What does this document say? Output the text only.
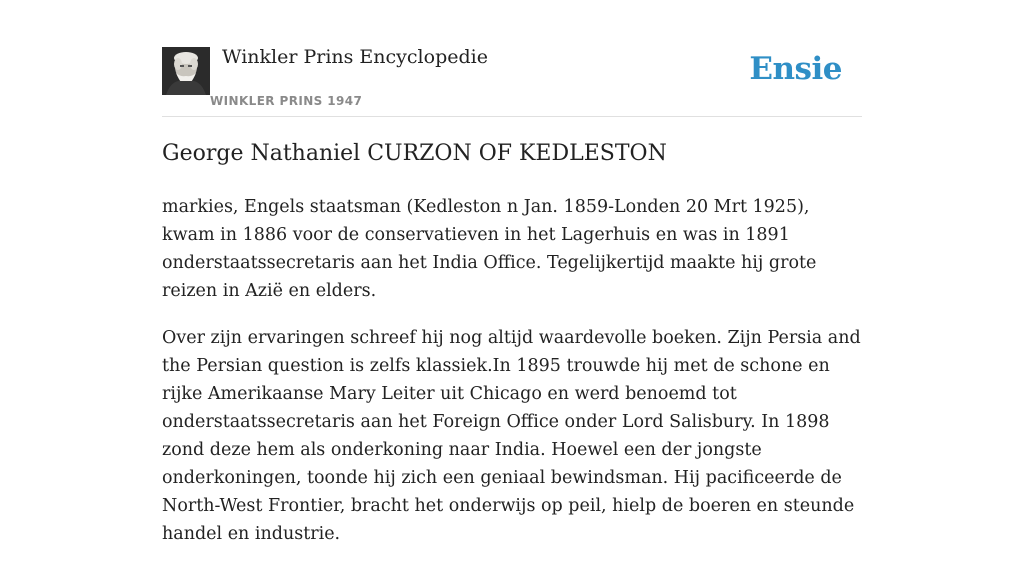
Winkler Prins Encyclopedie
WINKLER PRINS 1947
Ensie
George Nathaniel CURZON OF KEDLESTON

markies, Engels staatsman (Kedleston n Jan. 1859-Londen 20 Mrt 1925), kwam in 1886 voor de conservatieven in het Lagerhuis en was in 1891 onderstaatssecretaris aan het India Office. Tegelijkertijd maakte hij grote reizen in Azië en elders.

Over zijn ervaringen schreef hij nog altijd waardevolle boeken. Zijn Persia and the Persian question is zelfs klassiek.In 1895 trouwde hij met de schone en rijke Amerikaanse Mary Leiter uit Chicago en werd benoemd tot onderstaatssecretaris aan het Foreign Office onder Lord Salisbury. In 1898 zond deze hem als onderkoning naar India. Hoewel een der jongste onderkoningen, toonde hij zich een geniaal bewindsman. Hij pacificeerde de North-West Frontier, bracht het onderwijs op peil, hielp de boeren en steunde handel en industrie.
